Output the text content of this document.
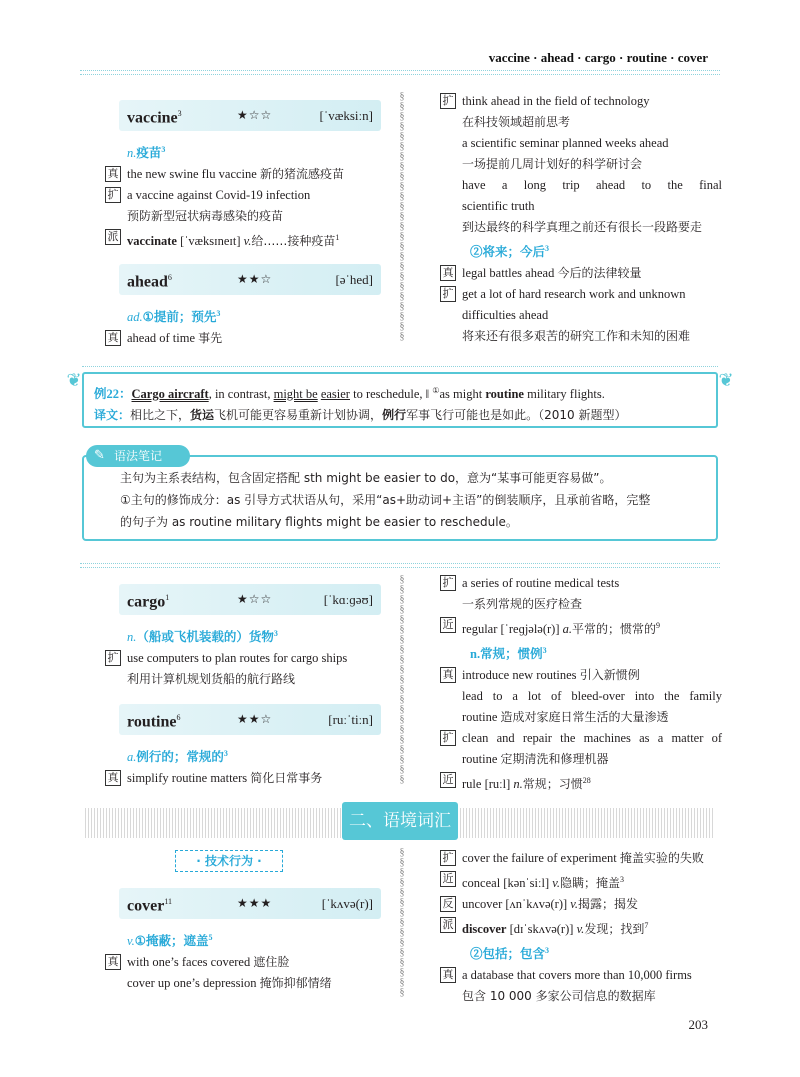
vaccine · ahead · cargo · routine · cover
vaccine$^3$	★☆☆	[ˈvæksiːn]
n.疫苗$^3$
真 the new swine flu vaccine 新的猪流感疫苗
扩 a vaccine against Covid-19 infection
预防新型冠状病毒感染的疫苗
派 vaccinate [ˈvæksɪneɪt] v.给……接种疫苗$^1$
ahead$^6$	★★☆	[əˈhed]
ad.①提前；预先$^3$
真 ahead of time 事先
§
§
§
§
§
§
§
§
§
§
§
§
§
§
§
§
§
§
§
§
§
§
§
§
§
扩 think ahead in the field of technology
在科技领域超前思考
a scientific seminar planned weeks ahead
一场提前几周计划好的科学研讨会
have a long trip ahead to the final
scientific truth
到达最终的科学真理之前还有很长一段路要走
②将来；今后$^3$
真 legal battles ahead 今后的法律较量
扩 get a lot of hard research work and unknown
difficulties ahead
将来还有很多艰苦的研究工作和未知的困难
❦	❦
例22：Cargo aircraft, in contrast, might be easier to reschedule, ‖ ①as might routine military flights.
译文：相比之下，货运飞机可能更容易重新计划协调，例行军事飞行可能也是如此。（2010 新题型）
主句为主系表结构，包含固定搭配 sth might be easier to do，意为“某事可能更容易做”。
①主句的修饰成分：as 引导方式状语从句，采用“as+助动词+主语”的倒装顺序，且承前省略，完整
的句子为 as routine military flights might be easier to reschedule。
✎ 语法笔记
cargo$^1$	★☆☆	[ˈkɑːɡəʊ]
n.（船或飞机装载的）货物$^3$
扩 use computers to plan routes for cargo ships
利用计算机规划货船的航行路线
routine$^6$	★★☆	[ruːˈtiːn]
a.例行的；常规的$^3$
真 simplify routine matters 简化日常事务
§
§
§
§
§
§
§
§
§
§
§
§
§
§
§
§
§
§
§
§
§
扩 a series of routine medical tests
一系列常规的医疗检查
近 regular [ˈreɡjələ(r)] a.平常的；惯常的$^9$
n.常规；惯例$^3$
真 introduce new routines 引入新惯例
lead to a lot of bleed-over into the family
routine 造成对家庭日常生活的大量渗透
扩 clean and repair the machines as a matter of
routine 定期清洗和修理机器
近 rule [ruːl] n.常规；习惯$^{28}$
二、语境词汇
· 技术行为 ·
cover$^{11}$	★★★	[ˈkʌvə(r)]
v.①掩蔽；遮盖$^5$
真 with one’s faces covered 遮住脸
cover up one’s depression 掩饰抑郁情绪
§
§
§
§
§
§
§
§
§
§
§
§
§
§
§
扩 cover the failure of experiment 掩盖实验的失败
近 conceal [kənˈsiːl] v.隐瞒；掩盖$^3$
反 uncover [ʌnˈkʌvə(r)] v.揭露；揭发
派 discover [dɪˈskʌvə(r)] v.发现；找到$^7$
②包括；包含$^3$
真 a database that covers more than 10,000 firms
包含 10 000 多家公司信息的数据库
203
